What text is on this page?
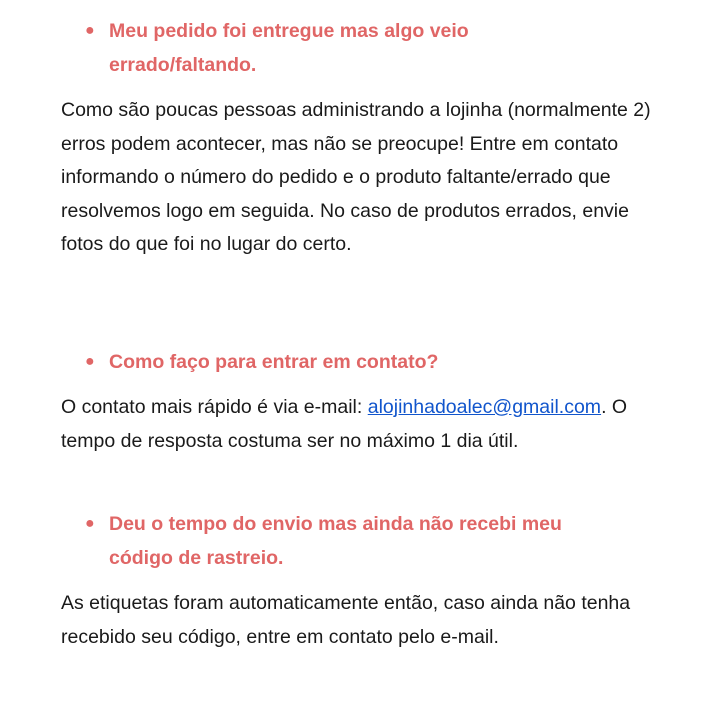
● Meu pedido foi entregue mas algo veio errado/faltando.

Como são poucas pessoas administrando a lojinha (normalmente 2) erros podem acontecer, mas não se preocupe! Entre em contato informando o número do pedido e o produto faltante/errado que resolvemos logo em seguida. No caso de produtos errados, envie fotos do que foi no lugar do certo.

● Como faço para entrar em contato?

O contato mais rápido é via e-mail: alojinhadoalec@gmail.com. O tempo de resposta costuma ser no máximo 1 dia útil.

● Deu o tempo do envio mas ainda não recebi meu código de rastreio.

As etiquetas foram automaticamente então, caso ainda não tenha recebido seu código, entre em contato pelo e-mail.
